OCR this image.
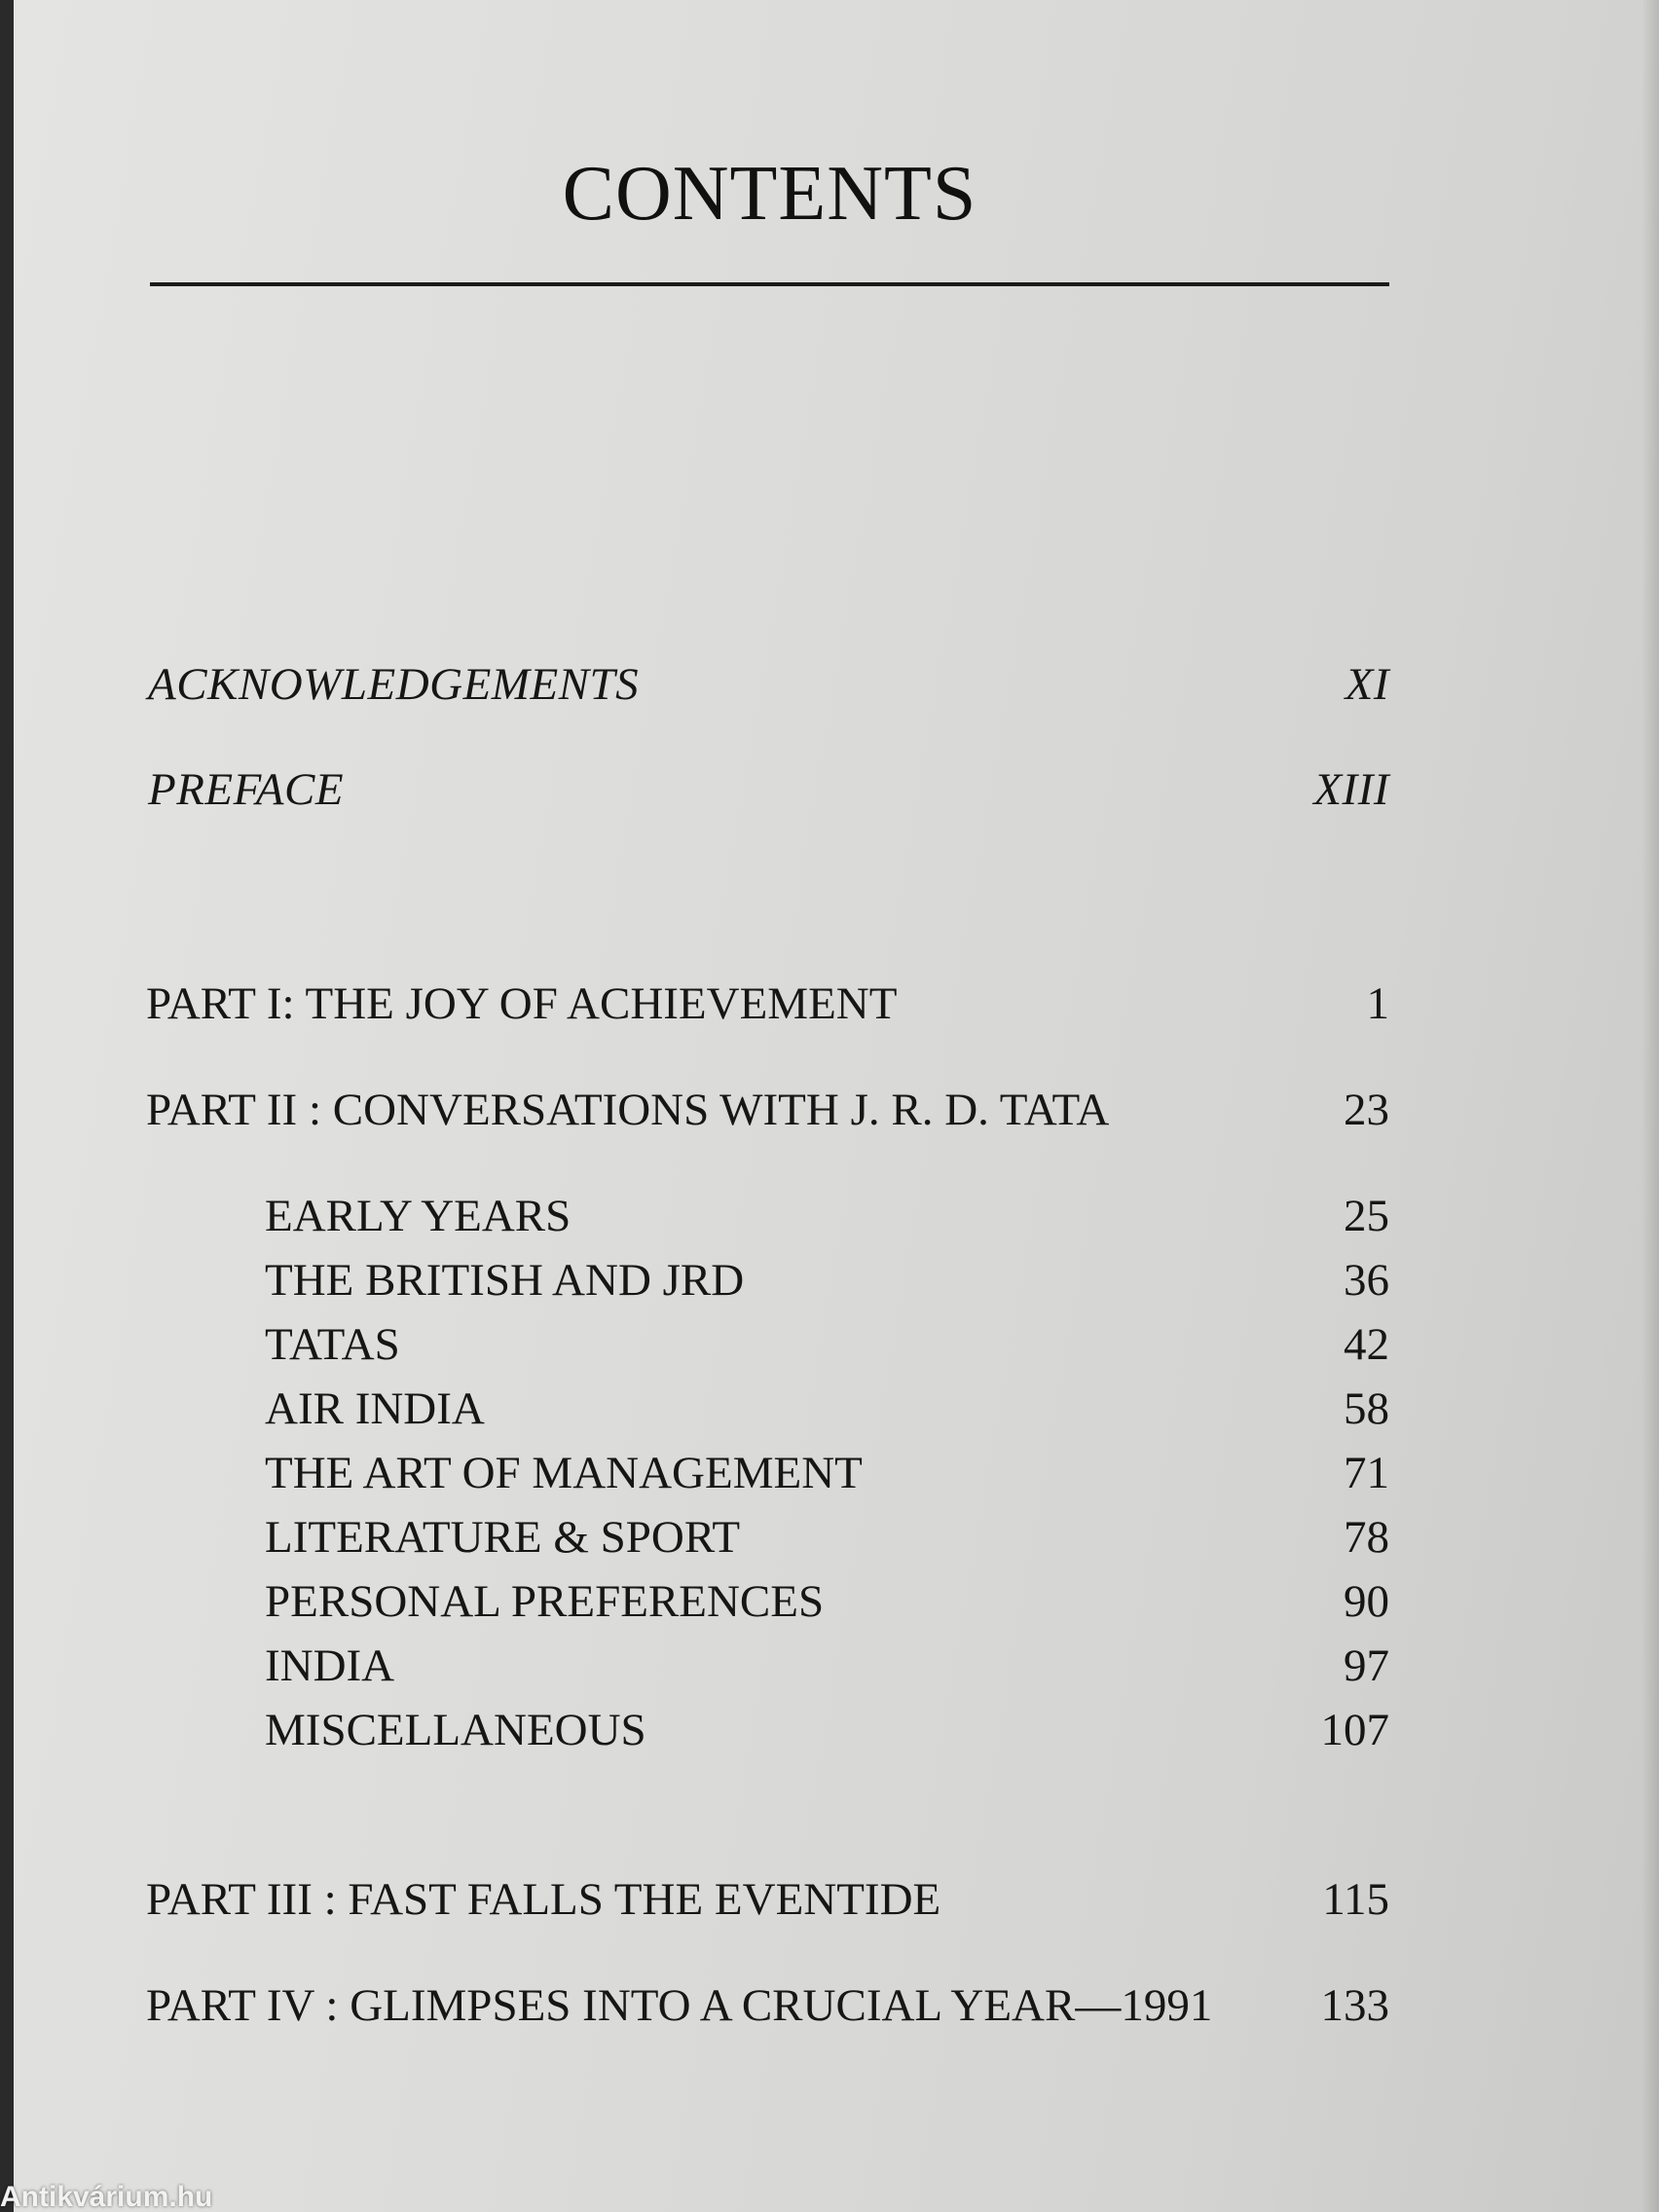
CONTENTS
ACKNOWLEDGEMENTS	XI
PREFACE	XIII
PART I: THE JOY OF ACHIEVEMENT	1
PART II : CONVERSATIONS WITH J. R. D. TATA	23
EARLY YEARS	25
THE BRITISH AND JRD	36
TATAS	42
AIR INDIA	58
THE ART OF MANAGEMENT	71
LITERATURE & SPORT	78
PERSONAL PREFERENCES	90
INDIA	97
MISCELLANEOUS	107
PART III : FAST FALLS THE EVENTIDE	115
PART IV : GLIMPSES INTO A CRUCIAL YEAR—1991 133
Antikvárium.hu
